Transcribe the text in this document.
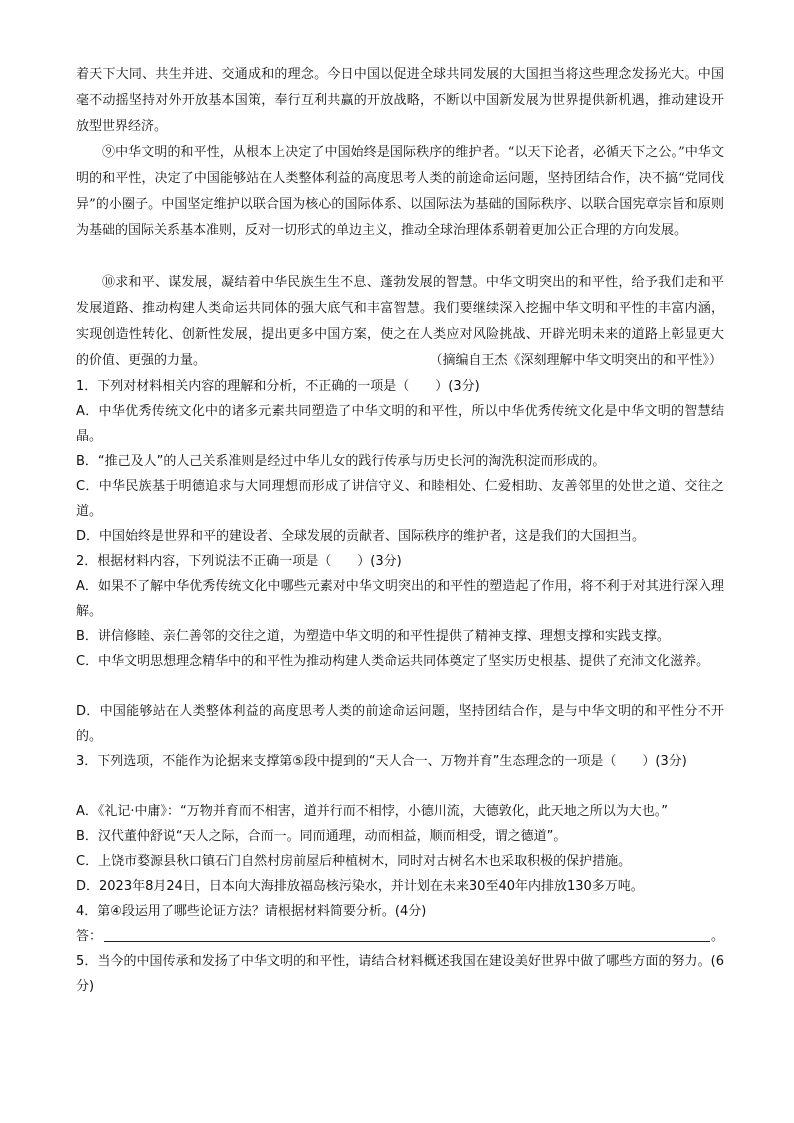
着天下大同、共生并进、交通成和的理念。今日中国以促进全球共同发展的大国担当将这些理念发扬光大。中国毫不动摇坚持对外开放基本国策，奉行互利共赢的开放战略，不断以中国新发展为世界提供新机遇，推动建设开放型世界经济。

⑨中华文明的和平性，从根本上决定了中国始终是国际秩序的维护者。“以天下论者，必循天下之公。”中华文明的和平性，决定了中国能够站在人类整体利益的高度思考人类的前途命运问题，坚持团结合作，决不搞“党同伐异”的小圈子。中国坚定维护以联合国为核心的国际体系、以国际法为基础的国际秩序、以联合国宪章宗旨和原则为基础的国际关系基本准则，反对一切形式的单边主义，推动全球治理体系朝着更加公正合理的方向发展。

⑩求和平、谋发展，凝结着中华民族生生不息、蓬勃发展的智慧。中华文明突出的和平性，给予我们走和平发展道路、推动构建人类命运共同体的强大底气和丰富智慧。我们要继续深入挖掘中华文明和平性的丰富内涵，实现创造性转化、创新性发展，提出更多中国方案，使之在人类应对风险挑战、开辟光明未来的道路上彰显更大的价值、更强的力量。	（摘编自王杰《深刻理解中华文明突出的和平性》）

1．下列对材料相关内容的理解和分析，不正确的一项是（　　）(3分)

A．中华优秀传统文化中的诸多元素共同塑造了中华文明的和平性，所以中华优秀传统文化是中华文明的智慧结晶。

B．“推己及人”的人己关系准则是经过中华儿女的践行传承与历史长河的淘洗积淀而形成的。

C．中华民族基于明德追求与大同理想而形成了讲信守义、和睦相处、仁爱相助、友善邻里的处世之道、交往之道。

D．中国始终是世界和平的建设者、全球发展的贡献者、国际秩序的维护者，这是我们的大国担当。

2．根据材料内容，下列说法不正确一项是（　　）(3分)

A．如果不了解中华优秀传统文化中哪些元素对中华文明突出的和平性的塑造起了作用，将不利于对其进行深入理解。

B．讲信修睦、亲仁善邻的交往之道，为塑造中华文明的和平性提供了精神支撑、理想支撑和实践支撑。

C．中华文明思想理念精华中的和平性为推动构建人类命运共同体奠定了坚实历史根基、提供了充沛文化滋养。

D．中国能够站在人类整体利益的高度思考人类的前途命运问题，坚持团结合作，是与中华文明的和平性分不开的。

3．下列选项，不能作为论据来支撑第⑤段中提到的“天人合一、万物并育”生态理念的一项是（　　）(3分)

A．《礼记·中庸》：“万物并育而不相害，道并行而不相悖，小德川流，大德敦化，此天地之所以为大也。”

B．汉代董仲舒说“天人之际，合而一。同而通理，动而相益，顺而相受，谓之德道”。

C．上饶市婺源县秋口镇石门自然村房前屋后种植树木，同时对古树名木也采取积极的保护措施。

D．2023年8月24日，日本向大海排放福岛核污染水，并计划在未来30至40年内排放130多万吨。

4．第④段运用了哪些论证方法？请根据材料简要分析。(4分)

答：	。

5．当今的中国传承和发扬了中华文明的和平性，请结合材料概述我国在建设美好世界中做了哪些方面的努力。(6分)
